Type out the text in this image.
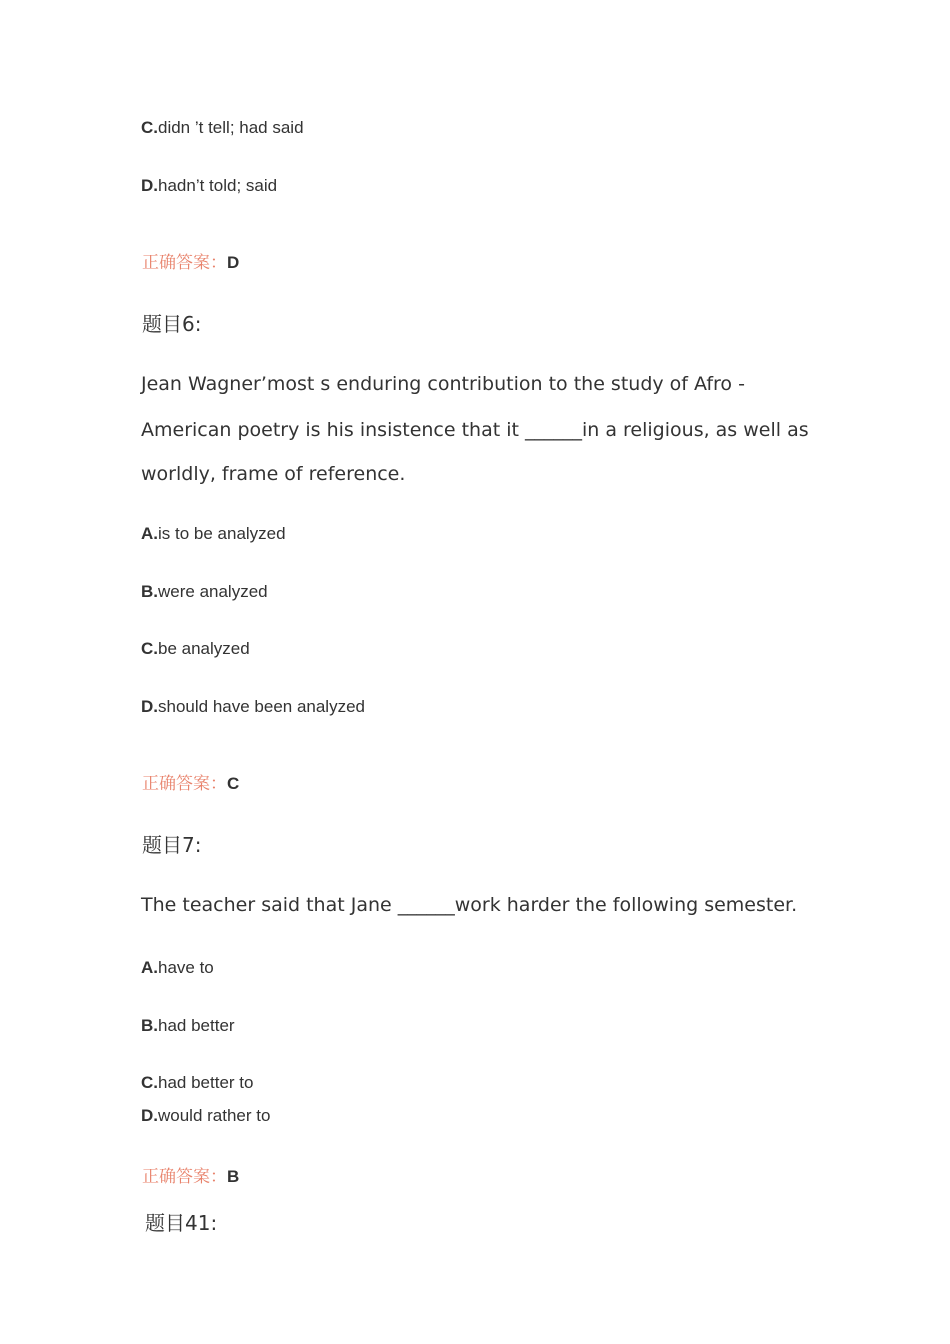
C.didn ’t tell; had said
D.hadn’t told; said
正确答案：D
题目6:
Jean Wagner’most s enduring contribution to the study of Afro -
American poetry is his insistence that it ______in a religious, as well as
worldly, frame of reference.
A.is to be analyzed
B.were analyzed
C.be analyzed
D.should have been analyzed
正确答案：C
题目7:
The teacher said that Jane ______work harder the following semester.
A.have to
B.had better
C.had better to
D.would rather to
正确答案：B
题目41:
